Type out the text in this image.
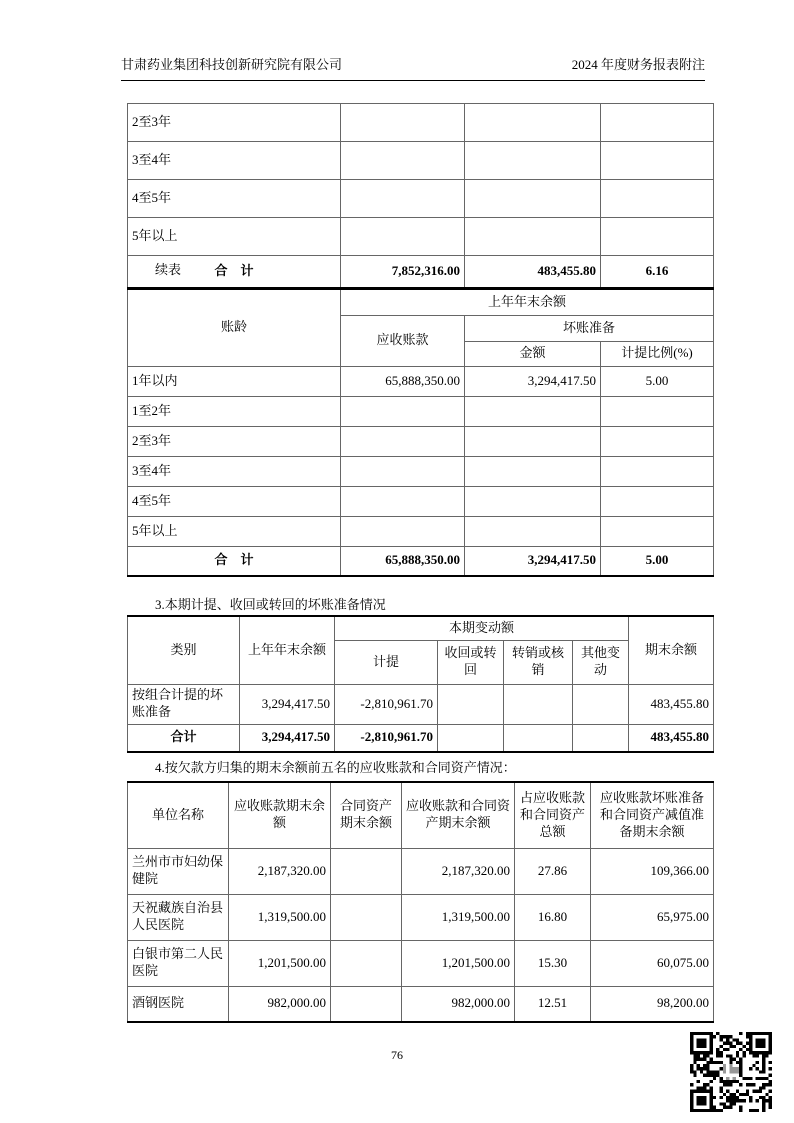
甘肃药业集团科技创新研究院有限公司	2024 年度财务报表附注
2至3年			
3至4年			
4至5年			
5年以上			
合　计	7,852,316.00	483,455.80	6.16
续表
账龄	上年年末余额		
	应收账款	坏账准备	
		金额	计提比例(%)
1年以内	65,888,350.00	3,294,417.50	5.00
1至2年			
2至3年			
3至4年			
4至5年			
5年以上			
合　计	65,888,350.00	3,294,417.50	5.00
3.本期计提、收回或转回的坏账准备情况
类别	上年年末余额	本期变动额				期末余额
		计提	收回或转回	转销或核销	其他变动	
按组合计提的坏账准备	3,294,417.50	-2,810,961.70				483,455.80
合计	3,294,417.50	-2,810,961.70				483,455.80
4.按欠款方归集的期末余额前五名的应收账款和合同资产情况：
单位名称	应收账款期末余额	合同资产期末余额	应收账款和合同资产期末余额	占应收账款和合同资产总额	应收账款坏账准备和合同资产减值准备期末余额
兰州市市妇幼保健院	2,187,320.00		2,187,320.00	27.86	109,366.00
天祝藏族自治县人民医院	1,319,500.00		1,319,500.00	16.80	65,975.00
白银市第二人民医院	1,201,500.00		1,201,500.00	15.30	60,075.00
酒钢医院	982,000.00		982,000.00	12.51	98,200.00
76
